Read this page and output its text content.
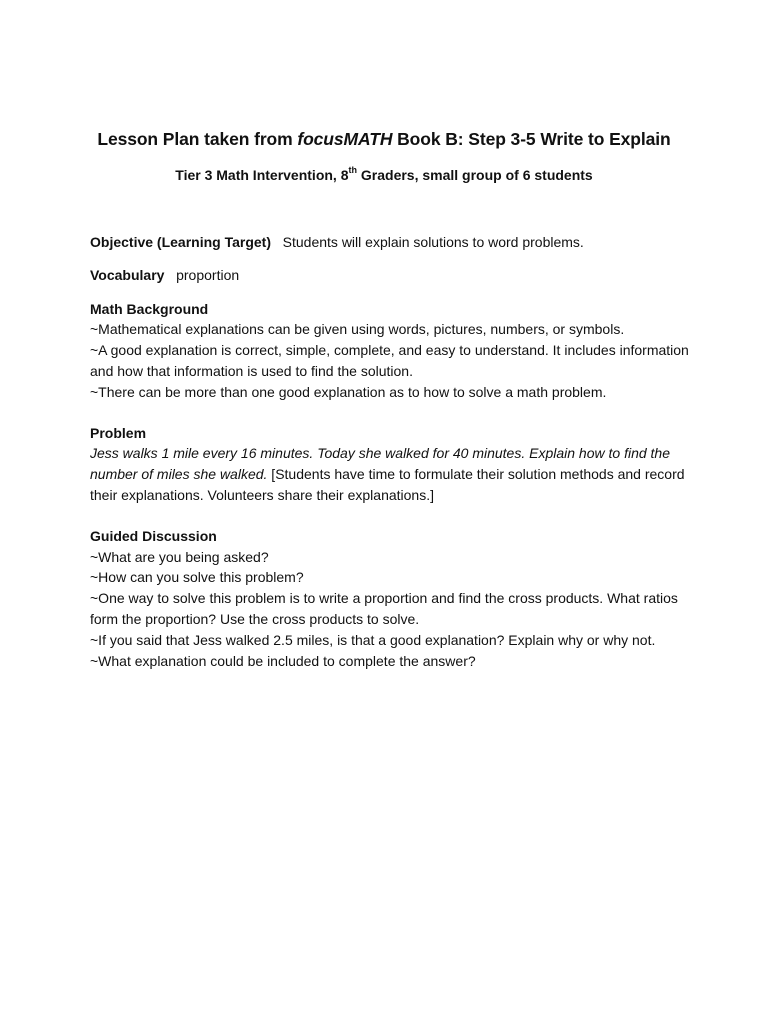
Lesson Plan taken from focusMATH Book B: Step 3-5 Write to Explain
Tier 3 Math Intervention, 8th Graders, small group of 6 students

Objective (Learning Target) Students will explain solutions to word problems.

Vocabulary proportion

Math Background

~Mathematical explanations can be given using words, pictures, numbers, or symbols.

~A good explanation is correct, simple, complete, and easy to understand. It includes information and how that information is used to find the solution.

~There can be more than one good explanation as to how to solve a math problem.

Problem

Jess walks 1 mile every 16 minutes. Today she walked for 40 minutes. Explain how to find the number of miles she walked. [Students have time to formulate their solution methods and record their explanations. Volunteers share their explanations.]

Guided Discussion

~What are you being asked?

~How can you solve this problem?

~One way to solve this problem is to write a proportion and find the cross products. What ratios form the proportion? Use the cross products to solve.

~If you said that Jess walked 2.5 miles, is that a good explanation? Explain why or why not.

~What explanation could be included to complete the answer?
